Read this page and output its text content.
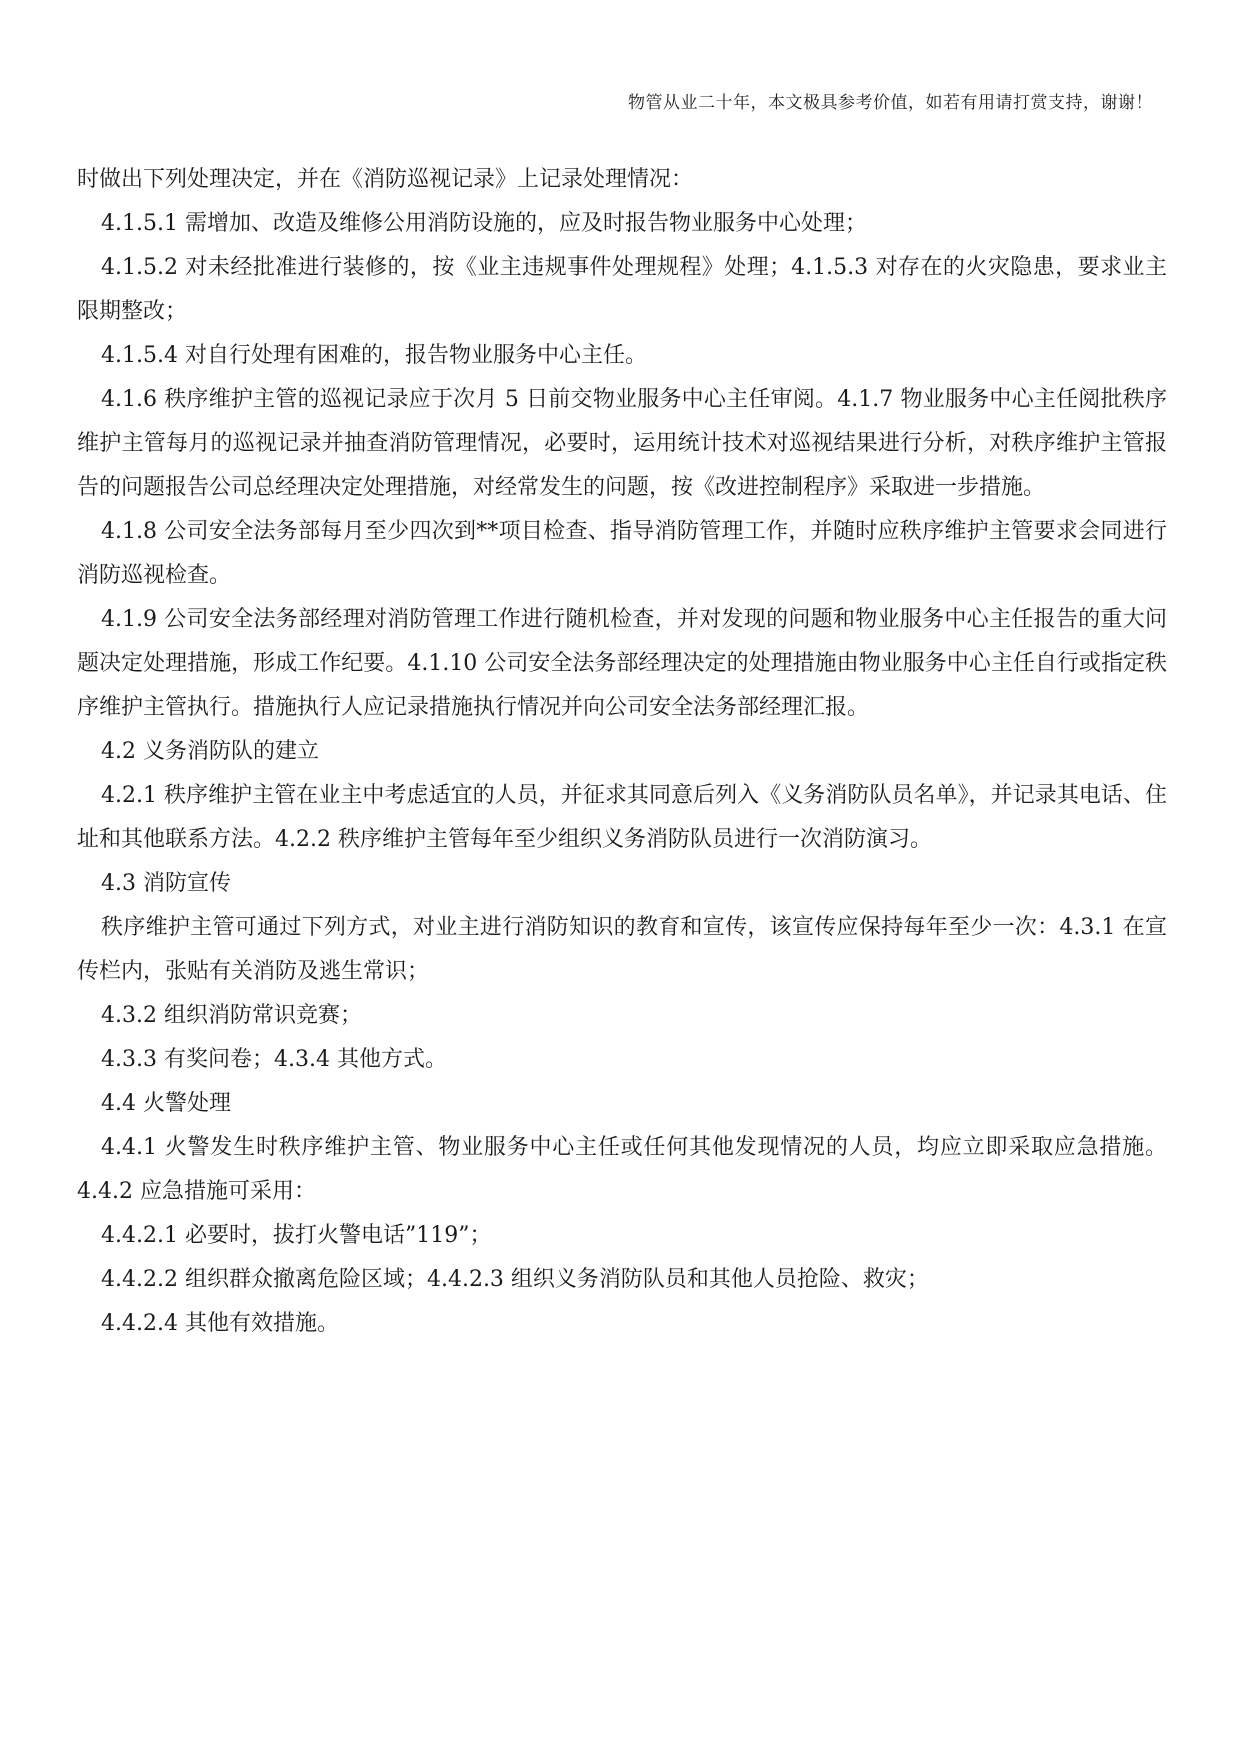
物管从业二十年，本文极具参考价值，如若有用请打赏支持，谢谢！

时做出下列处理决定，并在《消防巡视记录》上记录处理情况：

4.1.5.1 需增加、改造及维修公用消防设施的，应及时报告物业服务中心处理；

4.1.5.2 对未经批准进行装修的，按《业主违规事件处理规程》处理；4.1.5.3 对存在的火灾隐患，要求业主限期整改；

4.1.5.4 对自行处理有困难的，报告物业服务中心主任。

4.1.6 秩序维护主管的巡视记录应于次月 5 日前交物业服务中心主任审阅。4.1.7 物业服务中心主任阅批秩序维护主管每月的巡视记录并抽查消防管理情况，必要时，运用统计技术对巡视结果进行分析，对秩序维护主管报告的问题报告公司总经理决定处理措施，对经常发生的问题，按《改进控制程序》采取进一步措施。

4.1.8 公司安全法务部每月至少四次到**项目检查、指导消防管理工作，并随时应秩序维护主管要求会同进行消防巡视检查。

4.1.9 公司安全法务部经理对消防管理工作进行随机检查，并对发现的问题和物业服务中心主任报告的重大问题决定处理措施，形成工作纪要。4.1.10 公司安全法务部经理决定的处理措施由物业服务中心主任自行或指定秩序维护主管执行。措施执行人应记录措施执行情况并向公司安全法务部经理汇报。

4.2 义务消防队的建立

4.2.1 秩序维护主管在业主中考虑适宜的人员，并征求其同意后列入《义务消防队员名单》，并记录其电话、住址和其他联系方法。4.2.2 秩序维护主管每年至少组织义务消防队员进行一次消防演习。

4.3 消防宣传

秩序维护主管可通过下列方式，对业主进行消防知识的教育和宣传，该宣传应保持每年至少一次：4.3.1 在宣传栏内，张贴有关消防及逃生常识；

4.3.2 组织消防常识竞赛；

4.3.3 有奖问卷；4.3.4 其他方式。

4.4 火警处理

4.4.1 火警发生时秩序维护主管、物业服务中心主任或任何其他发现情况的人员，均应立即采取应急措施。4.4.2 应急措施可采用：

4.4.2.1 必要时，拔打火警电话”119”；

4.4.2.2 组织群众撤离危险区域；4.4.2.3 组织义务消防队员和其他人员抢险、救灾；

4.4.2.4 其他有效措施。
